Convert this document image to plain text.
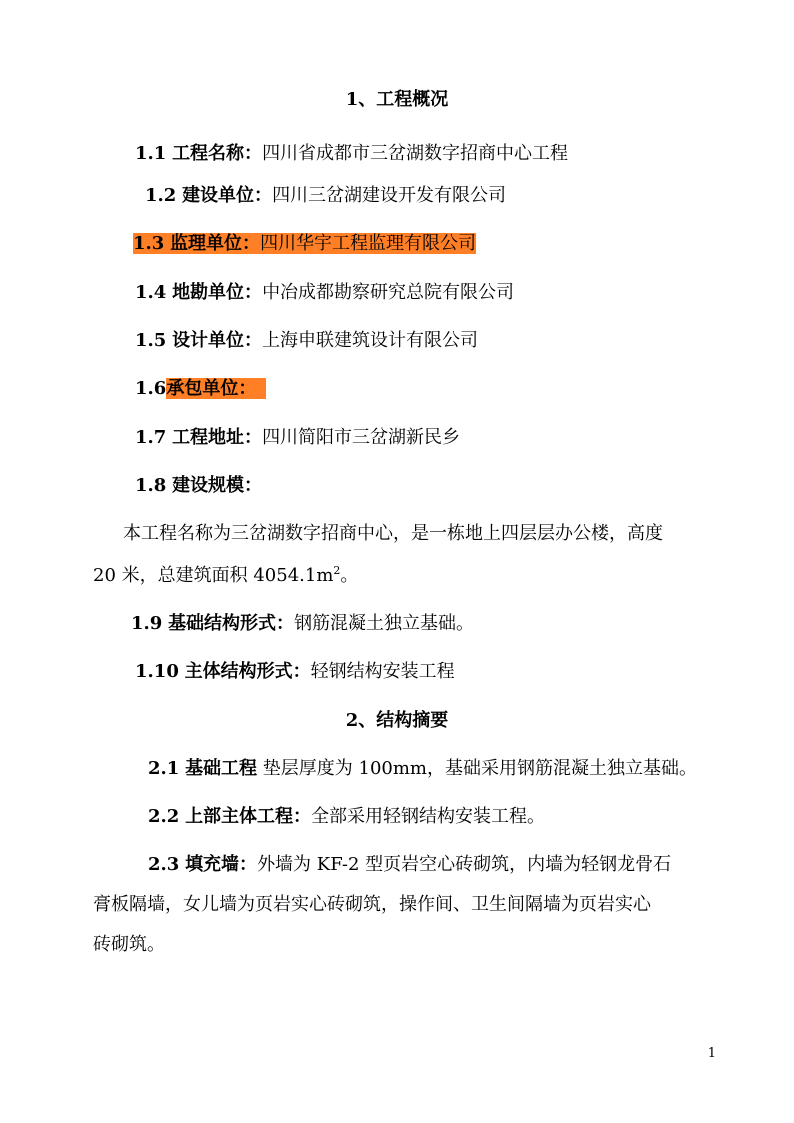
1、工程概况
1.1 工程名称：四川省成都市三岔湖数字招商中心工程
1.2 建设单位：四川三岔湖建设开发有限公司
1.3 监理单位：四川华宇工程监理有限公司
1.4 地勘单位：中冶成都勘察研究总院有限公司
1.5 设计单位：上海申联建筑设计有限公司
1.6承包单位：
1.7 工程地址：四川简阳市三岔湖新民乡
1.8 建设规模：
本工程名称为三岔湖数字招商中心，是一栋地上四层层办公楼，高度
20 米，总建筑面积 $4054.1m^2$。
1.9 基础结构形式：钢筋混凝土独立基础。
1.10 主体结构形式：轻钢结构安装工程
2、结构摘要
2.1 基础工程 垫层厚度为 100mm，基础采用钢筋混凝土独立基础。
2.2 上部主体工程：全部采用轻钢结构安装工程。
2.3 填充墙：外墙为 KF-2 型页岩空心砖砌筑，内墙为轻钢龙骨石
膏板隔墙，女儿墙为页岩实心砖砌筑，操作间、卫生间隔墙为页岩实心
砖砌筑。
1
